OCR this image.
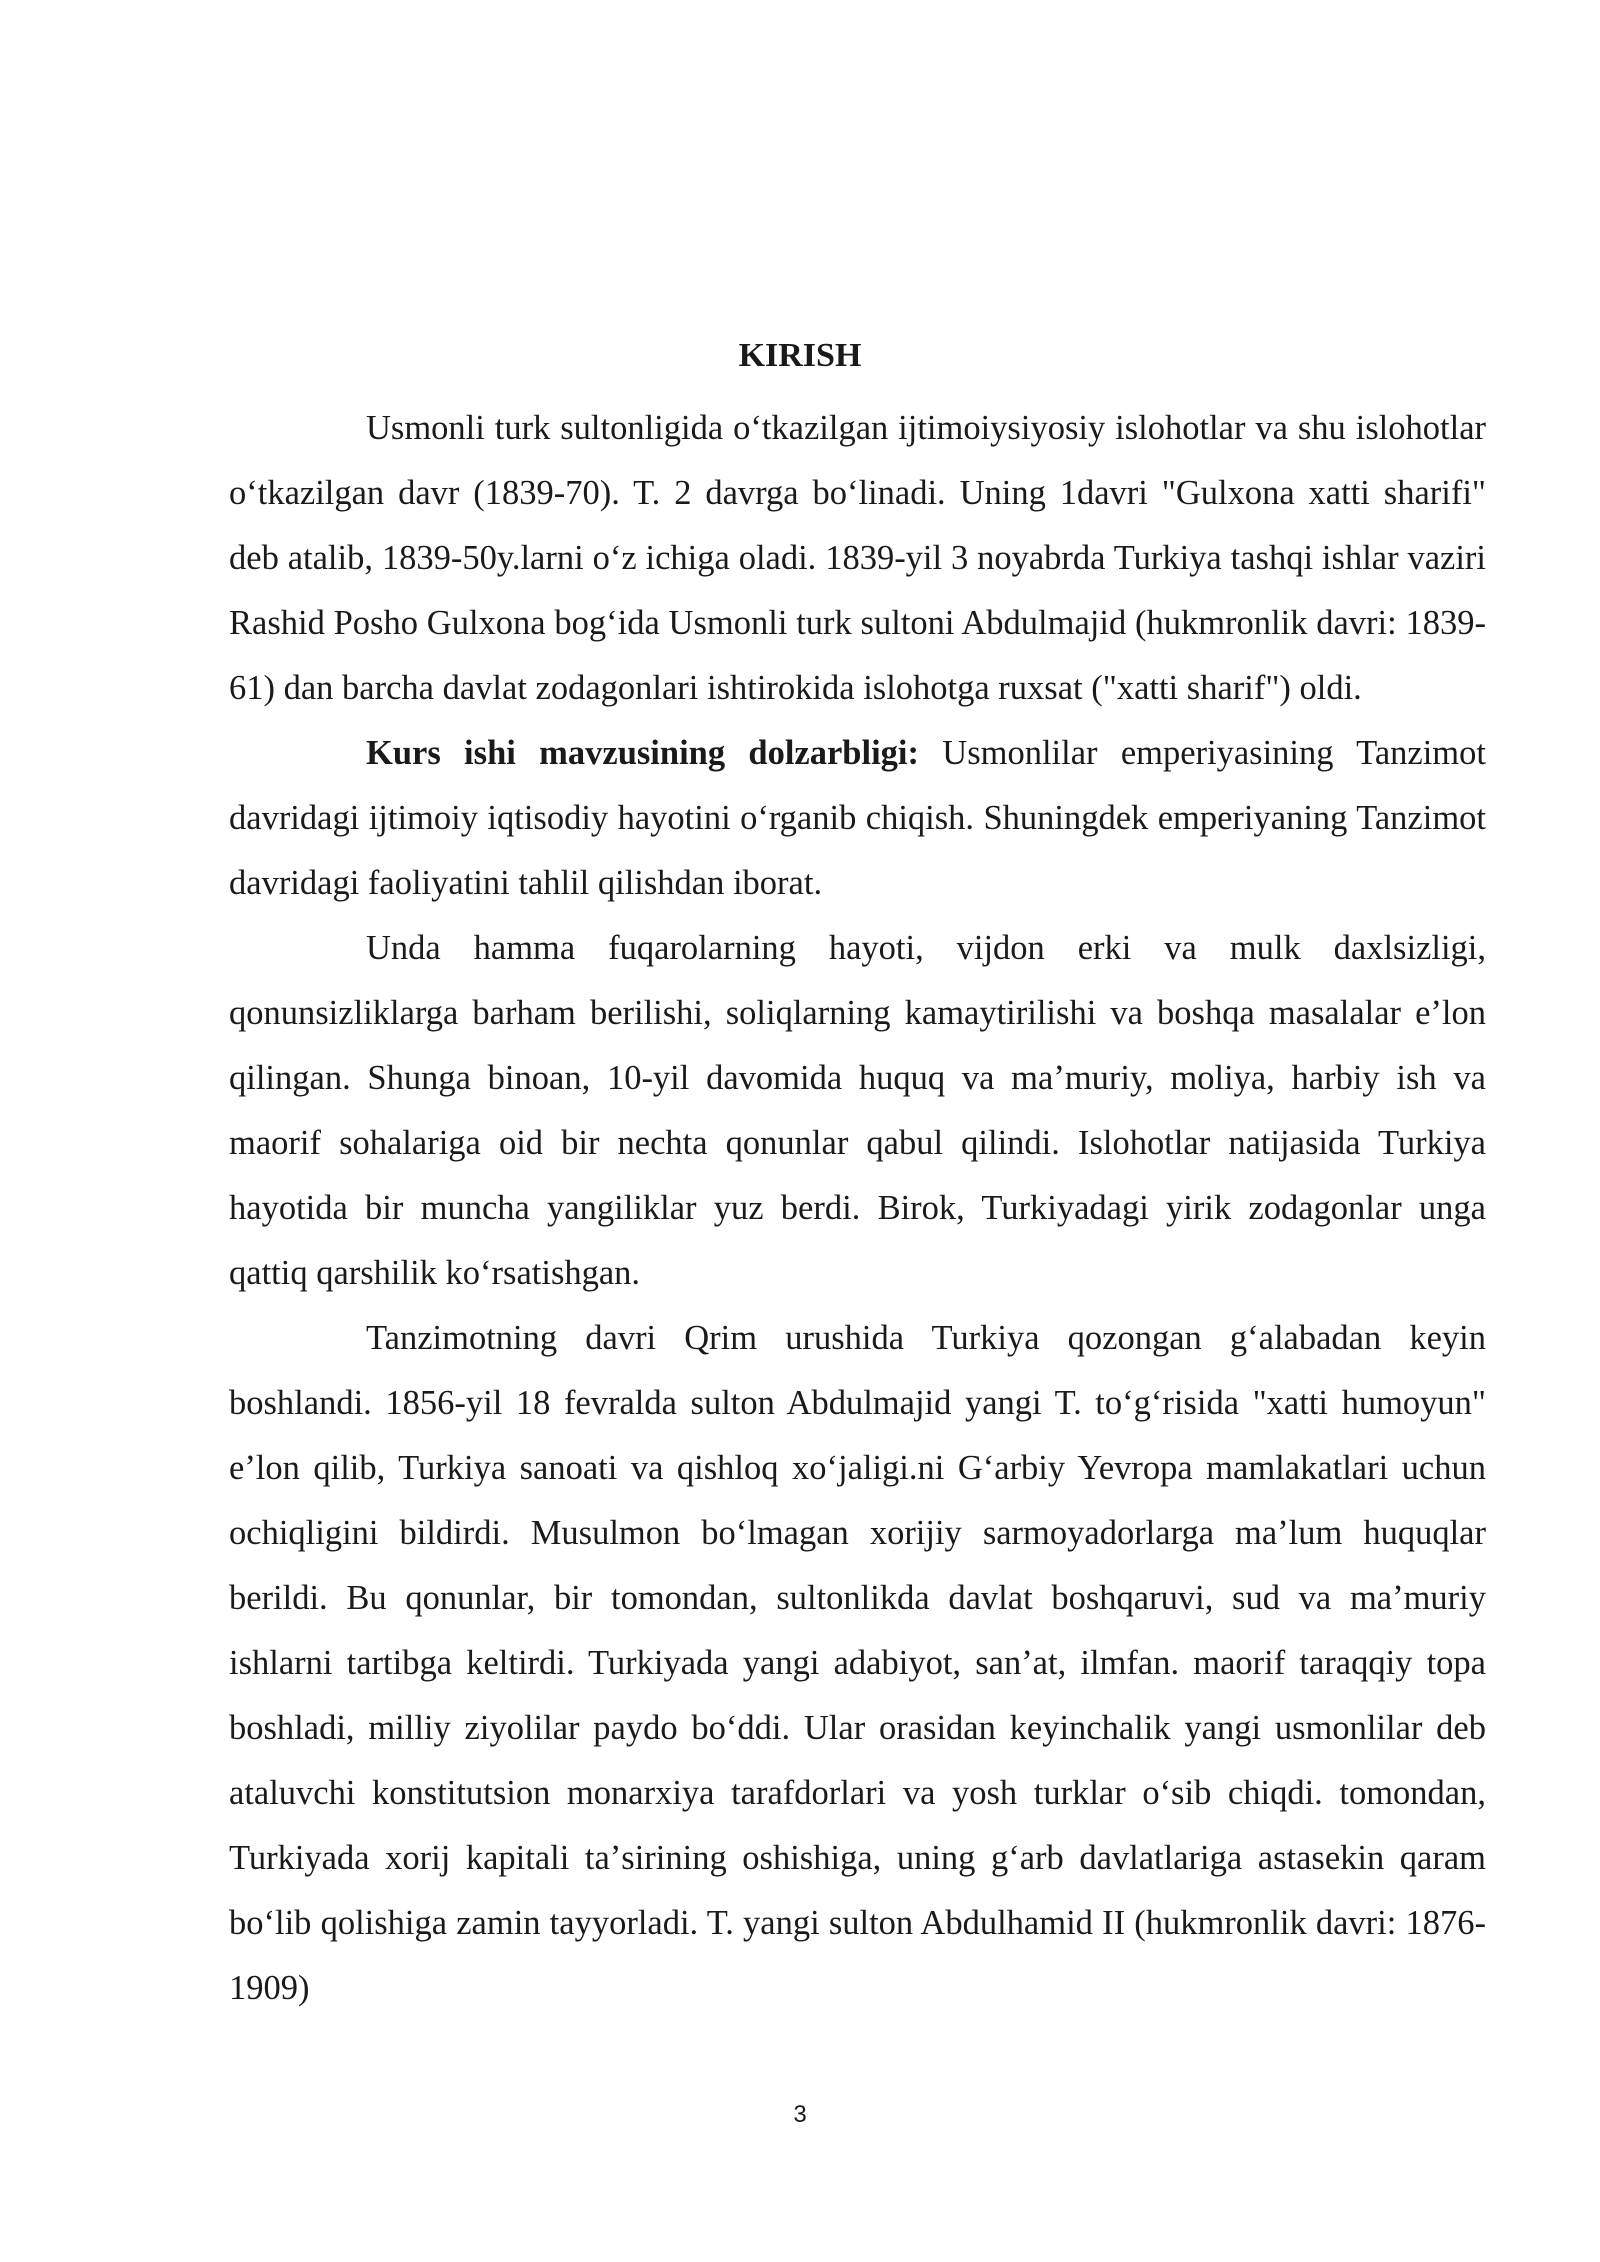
KIRISH

Usmonli turk sultonligida oʻtkazilgan ijtimoiysiyosiy islohotlar va shu islohotlar oʻtkazilgan davr (1839-70). T. 2 davrga boʻlinadi. Uning 1davri "Gulxona xatti sharifi" deb atalib, 1839-50y.larni oʻz ichiga oladi. 1839-yil 3 noyabrda Turkiya tashqi ishlar vaziri Rashid Posho Gulxona bogʻida Usmonli turk sultoni Abdulmajid (hukmronlik davri: 1839-61) dan barcha davlat zodagonlari ishtirokida islohotga ruxsat ("xatti sharif") oldi.

Kurs ishi mavzusining dolzarbligi: Usmonlilar emperiyasining Tanzimot davridagi ijtimoiy iqtisodiy hayotini oʻrganib chiqish. Shuningdek emperiyaning Tanzimot davridagi faoliyatini tahlil qilishdan iborat.

Unda hamma fuqarolarning hayoti, vijdon erki va mulk daxlsizligi, qonunsizliklarga barham berilishi, soliqlarning kamaytirilishi va boshqa masalalar eʼlon qilingan. Shunga binoan, 10-yil davomida huquq va maʼmuriy, moliya, harbiy ish va maorif sohalariga oid bir nechta qonunlar qabul qilindi. Islohotlar natijasida Turkiya hayotida bir muncha yangiliklar yuz berdi. Birok, Turkiyadagi yirik zodagonlar unga qattiq qarshilik koʻrsatishgan.

Tanzimotning davri Qrim urushida Turkiya qozongan gʻalabadan keyin boshlandi. 1856-yil 18 fevralda sulton Abdulmajid yangi T. toʻgʻrisida "xatti humoyun" eʼlon qilib, Turkiya sanoati va qishloq xoʻjaligi.ni Gʻarbiy Yevropa mamlakatlari uchun ochiqligini bildirdi. Musulmon boʻlmagan xorijiy sarmoyadorlarga maʼlum huquqlar berildi. Bu qonunlar, bir tomondan, sultonlikda davlat boshqaruvi, sud va maʼmuriy ishlarni tartibga keltirdi. Turkiyada yangi adabiyot, sanʼat, ilmfan. maorif taraqqiy topa boshladi, milliy ziyolilar paydo boʻddi. Ular orasidan keyinchalik yangi usmonlilar deb ataluvchi konstitutsion monarxiya tarafdorlari va yosh turklar oʻsib chiqdi. tomondan, Turkiyada xorij kapitali taʼsirining oshishiga, uning gʻarb davlatlariga astasekin qaram boʻlib qolishiga zamin tayyorladi. T. yangi sulton Abdulhamid II (hukmronlik davri: 1876-1909)

3
